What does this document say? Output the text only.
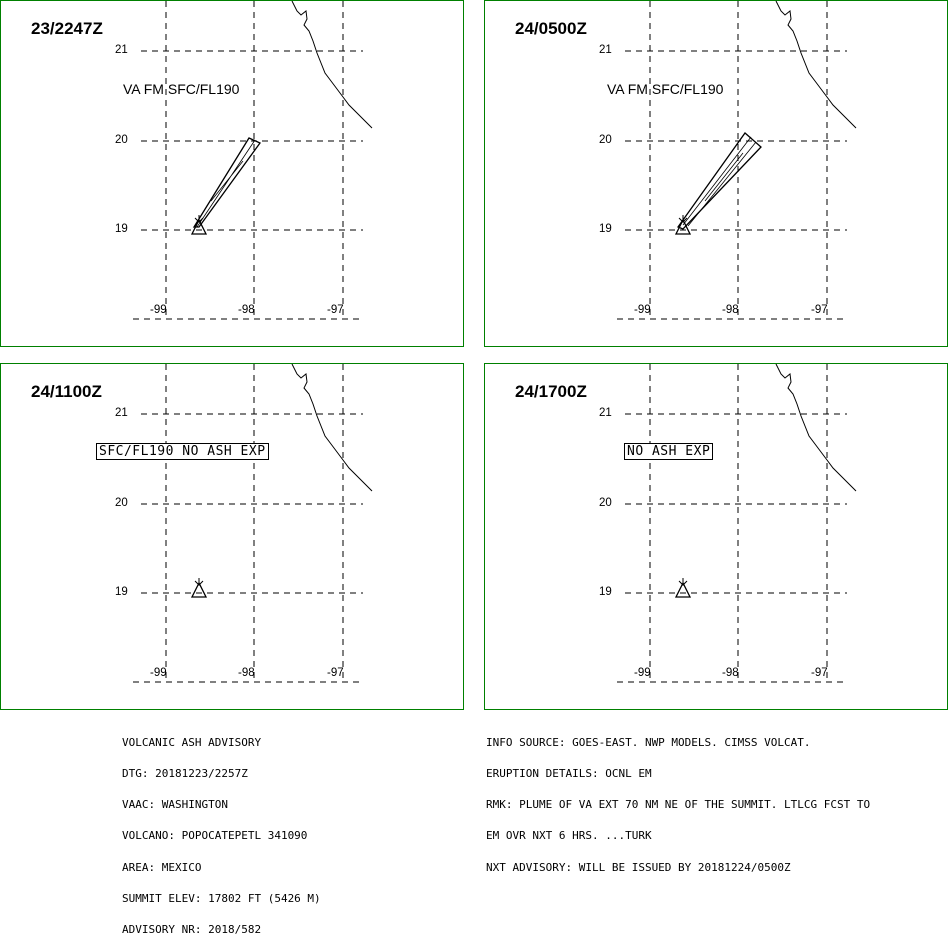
23/2247Z
VA FM SFC/FL190
21
20
19
-99	-98	-97
24/0500Z
VA FM SFC/FL190
21
20
19
-99	-98	-97
24/1100Z
SFC/FL190 NO ASH EXP
21
20
19
-99	-98	-97
24/1700Z
NO ASH EXP
21
20
19
-99	-98	-97

VOLCANIC ASH ADVISORY

DTG: 20181223/2257Z

VAAC: WASHINGTON

VOLCANO: POPOCATEPETL 341090

AREA: MEXICO

SUMMIT ELEV: 17802 FT (5426 M)

ADVISORY NR: 2018/582

INFO SOURCE: GOES-EAST. NWP MODELS. CIMSS VOLCAT.

ERUPTION DETAILS: OCNL EM

RMK: PLUME OF VA EXT 70 NM NE OF THE SUMMIT. LTLCG FCST TO

EM OVR NXT 6 HRS. ...TURK

NXT ADVISORY: WILL BE ISSUED BY 20181224/0500Z
